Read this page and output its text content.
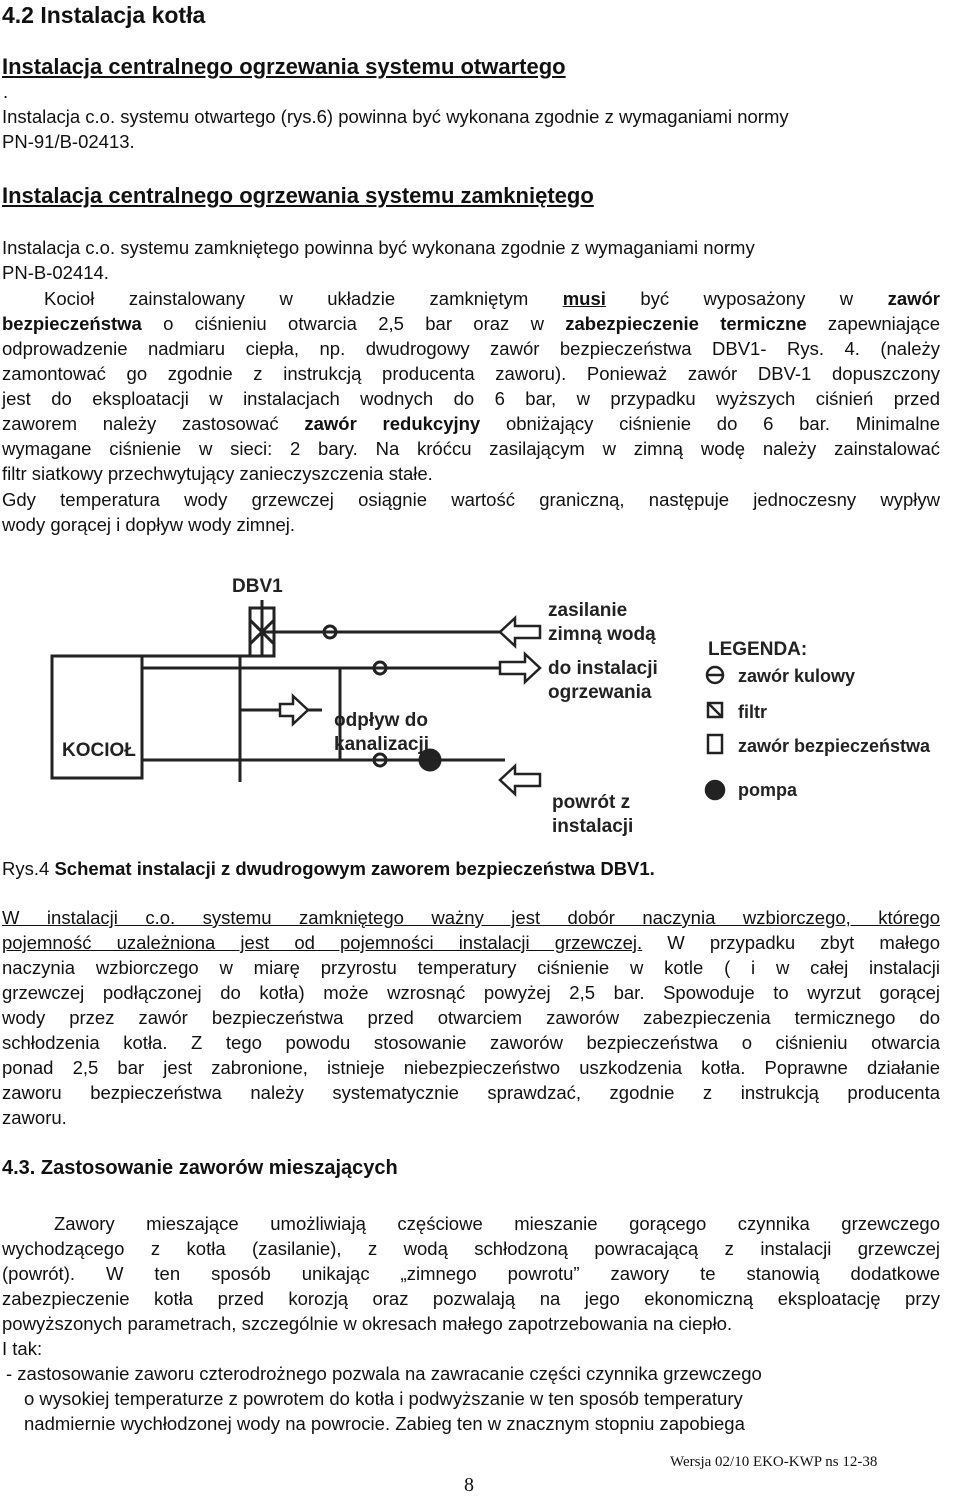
4.2 Instalacja kotła
Instalacja centralnego ogrzewania systemu otwartego
.
Instalacja c.o. systemu otwartego (rys.6) powinna być wykonana zgodnie z wymaganiami normy
PN-91/B-02413.
Instalacja centralnego ogrzewania systemu zamkniętego
Instalacja c.o. systemu zamkniętego powinna być wykonana zgodnie z wymaganiami normy
PN-B-02414.
Kocioł zainstalowany w układzie zamkniętym musi być wyposażony w zawór
bezpieczeństwa o ciśnieniu otwarcia 2,5 bar oraz w zabezpieczenie termiczne zapewniające
odprowadzenie nadmiaru ciepła, np. dwudrogowy zawór bezpieczeństwa DBV1- Rys. 4. (należy
zamontować go zgodnie z instrukcją producenta zaworu). Ponieważ zawór DBV-1 dopuszczony
jest do eksploatacji w instalacjach wodnych do 6 bar, w przypadku wyższych ciśnień przed
zaworem należy zastosować zawór redukcyjny obniżający ciśnienie do 6 bar. Minimalne
wymagane ciśnienie w sieci: 2 bary. Na króćcu zasilającym w zimną wodę należy zainstalować
filtr siatkowy przechwytujący zanieczyszczenia stałe.
Gdy temperatura wody grzewczej osiągnie wartość graniczną, następuje jednoczesny wypływ
wody gorącej i dopływ wody zimnej.
DBV1
KOCIOŁ
zasilanie
zimną wodą
do instalacji
ogrzewania
odpływ do
kanalizacji
powrót z
instalacji
LEGENDA:
zawór kulowy
filtr
zawór bezpieczeństwa
pompa
Rys.4 Schemat instalacji z dwudrogowym zaworem bezpieczeństwa DBV1.
W instalacji c.o. systemu zamkniętego ważny jest dobór naczynia wzbiorczego, którego
pojemność uzależniona jest od pojemności instalacji grzewczej. W przypadku zbyt małego
naczynia wzbiorczego w miarę przyrostu temperatury ciśnienie w kotle ( i w całej instalacji
grzewczej podłączonej do kotła) może wzrosnąć powyżej 2,5 bar. Spowoduje to wyrzut gorącej
wody przez zawór bezpieczeństwa przed otwarciem zaworów zabezpieczenia termicznego do
schłodzenia kotła. Z tego powodu stosowanie zaworów bezpieczeństwa o ciśnieniu otwarcia
ponad 2,5 bar jest zabronione, istnieje niebezpieczeństwo uszkodzenia kotła. Poprawne działanie
zaworu bezpieczeństwa należy systematycznie sprawdzać, zgodnie z instrukcją producenta
zaworu.
4.3. Zastosowanie zaworów mieszających
Zawory mieszające umożliwiają częściowe mieszanie gorącego czynnika grzewczego
wychodzącego z kotła (zasilanie), z wodą schłodzoną powracającą z instalacji grzewczej
(powrót). W ten sposób unikając „zimnego powrotu” zawory te stanowią dodatkowe
zabezpieczenie kotła przed korozją oraz pozwalają na jego ekonomiczną eksploatację przy
powyższonych parametrach, szczególnie w okresach małego zapotrzebowania na ciepło.
I tak:
- zastosowanie zaworu czterodrożnego pozwala na zawracanie części czynnika grzewczego
o wysokiej temperaturze z powrotem do kotła i podwyższanie w ten sposób temperatury
nadmiernie wychłodzonej wody na powrocie. Zabieg ten w znacznym stopniu zapobiega
Wersja 02/10 EKO-KWP ns 12-38
8
